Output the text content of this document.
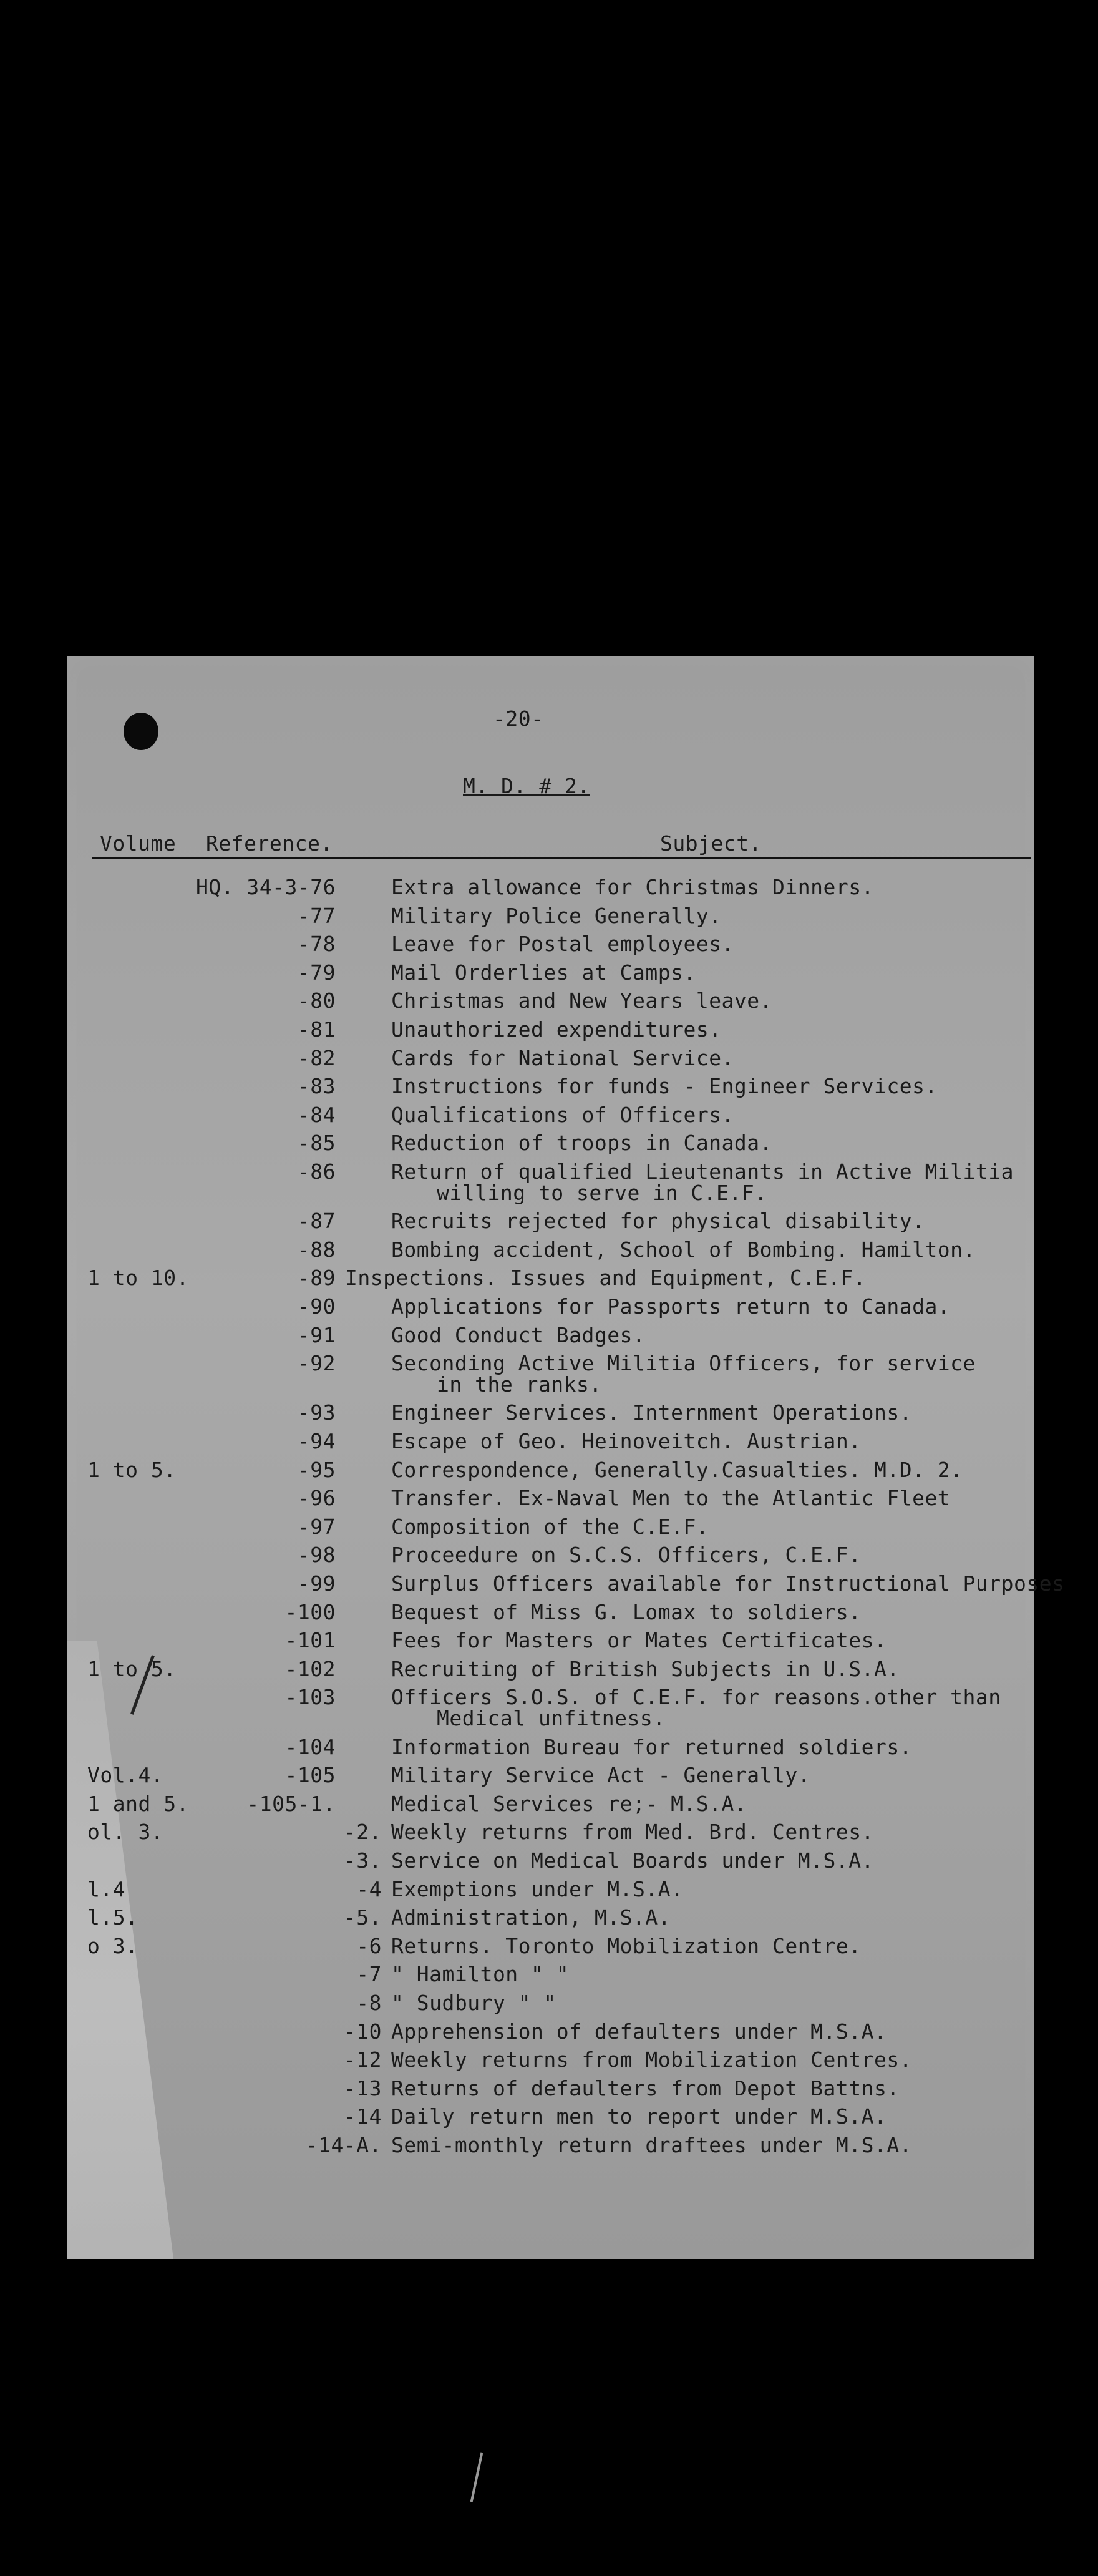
-20-
M. D. # 2.
Volume Reference.	Subject.
HQ. 34-3-76	Extra allowance for Christmas Dinners.
-77	Military Police Generally.
-78	Leave for Postal employees.
-79	Mail Orderlies at Camps.
-80	Christmas and New Years leave.
-81	Unauthorized expenditures.
-82	Cards for National Service.
-83	Instructions for funds - Engineer Services.
-84	Qualifications of Officers.
-85	Reduction of troops in Canada.
-86	Return of qualified Lieutenants in Active Militia
willing to serve in C.E.F.
-87	Recruits rejected for physical disability.
-88	Bombing accident, School of Bombing. Hamilton.
1 to 10.	-89 Inspections. Issues and Equipment, C.E.F.
-90	Applications for Passports return to Canada.
-91	Good Conduct Badges.
-92	Seconding Active Militia Officers, for service
in the ranks.
-93	Engineer Services. Internment Operations.
-94	Escape of Geo. Heinoveitch. Austrian.
1 to 5.	-95	Correspondence, Generally.Casualties. M.D. 2.
-96	Transfer. Ex-Naval Men to the Atlantic Fleet
-97	Composition of the C.E.F.
-98	Proceedure on S.C.S. Officers, C.E.F.
-99	Surplus Officers available for Instructional Purposes
-100	Bequest of Miss G. Lomax to soldiers.
-101	Fees for Masters or Mates Certificates.
1 to 5.	-102	Recruiting of British Subjects in U.S.A.
-103	Officers S.O.S. of C.E.F. for reasons.other than
Medical unfitness.
-104	Information Bureau for returned soldiers.
Vol.4.	-105	Military Service Act - Generally.
1 and 5.	-105-1.	Medical Services re;- M.S.A.
ol. 3.	-2. Weekly returns from Med. Brd. Centres.
-3. Service on Medical Boards under M.S.A.
l.4	-4 Exemptions under M.S.A.
l.5.	-5. Administration, M.S.A.
o 3.	-6 Returns. Toronto Mobilization Centre.
-7 " Hamilton " "
-8 " Sudbury " "
-10 Apprehension of defaulters under M.S.A.
-12 Weekly returns from Mobilization Centres.
-13 Returns of defaulters from Depot Battns.
-14 Daily return men to report under M.S.A.
-14-A. Semi-monthly return draftees under M.S.A.
